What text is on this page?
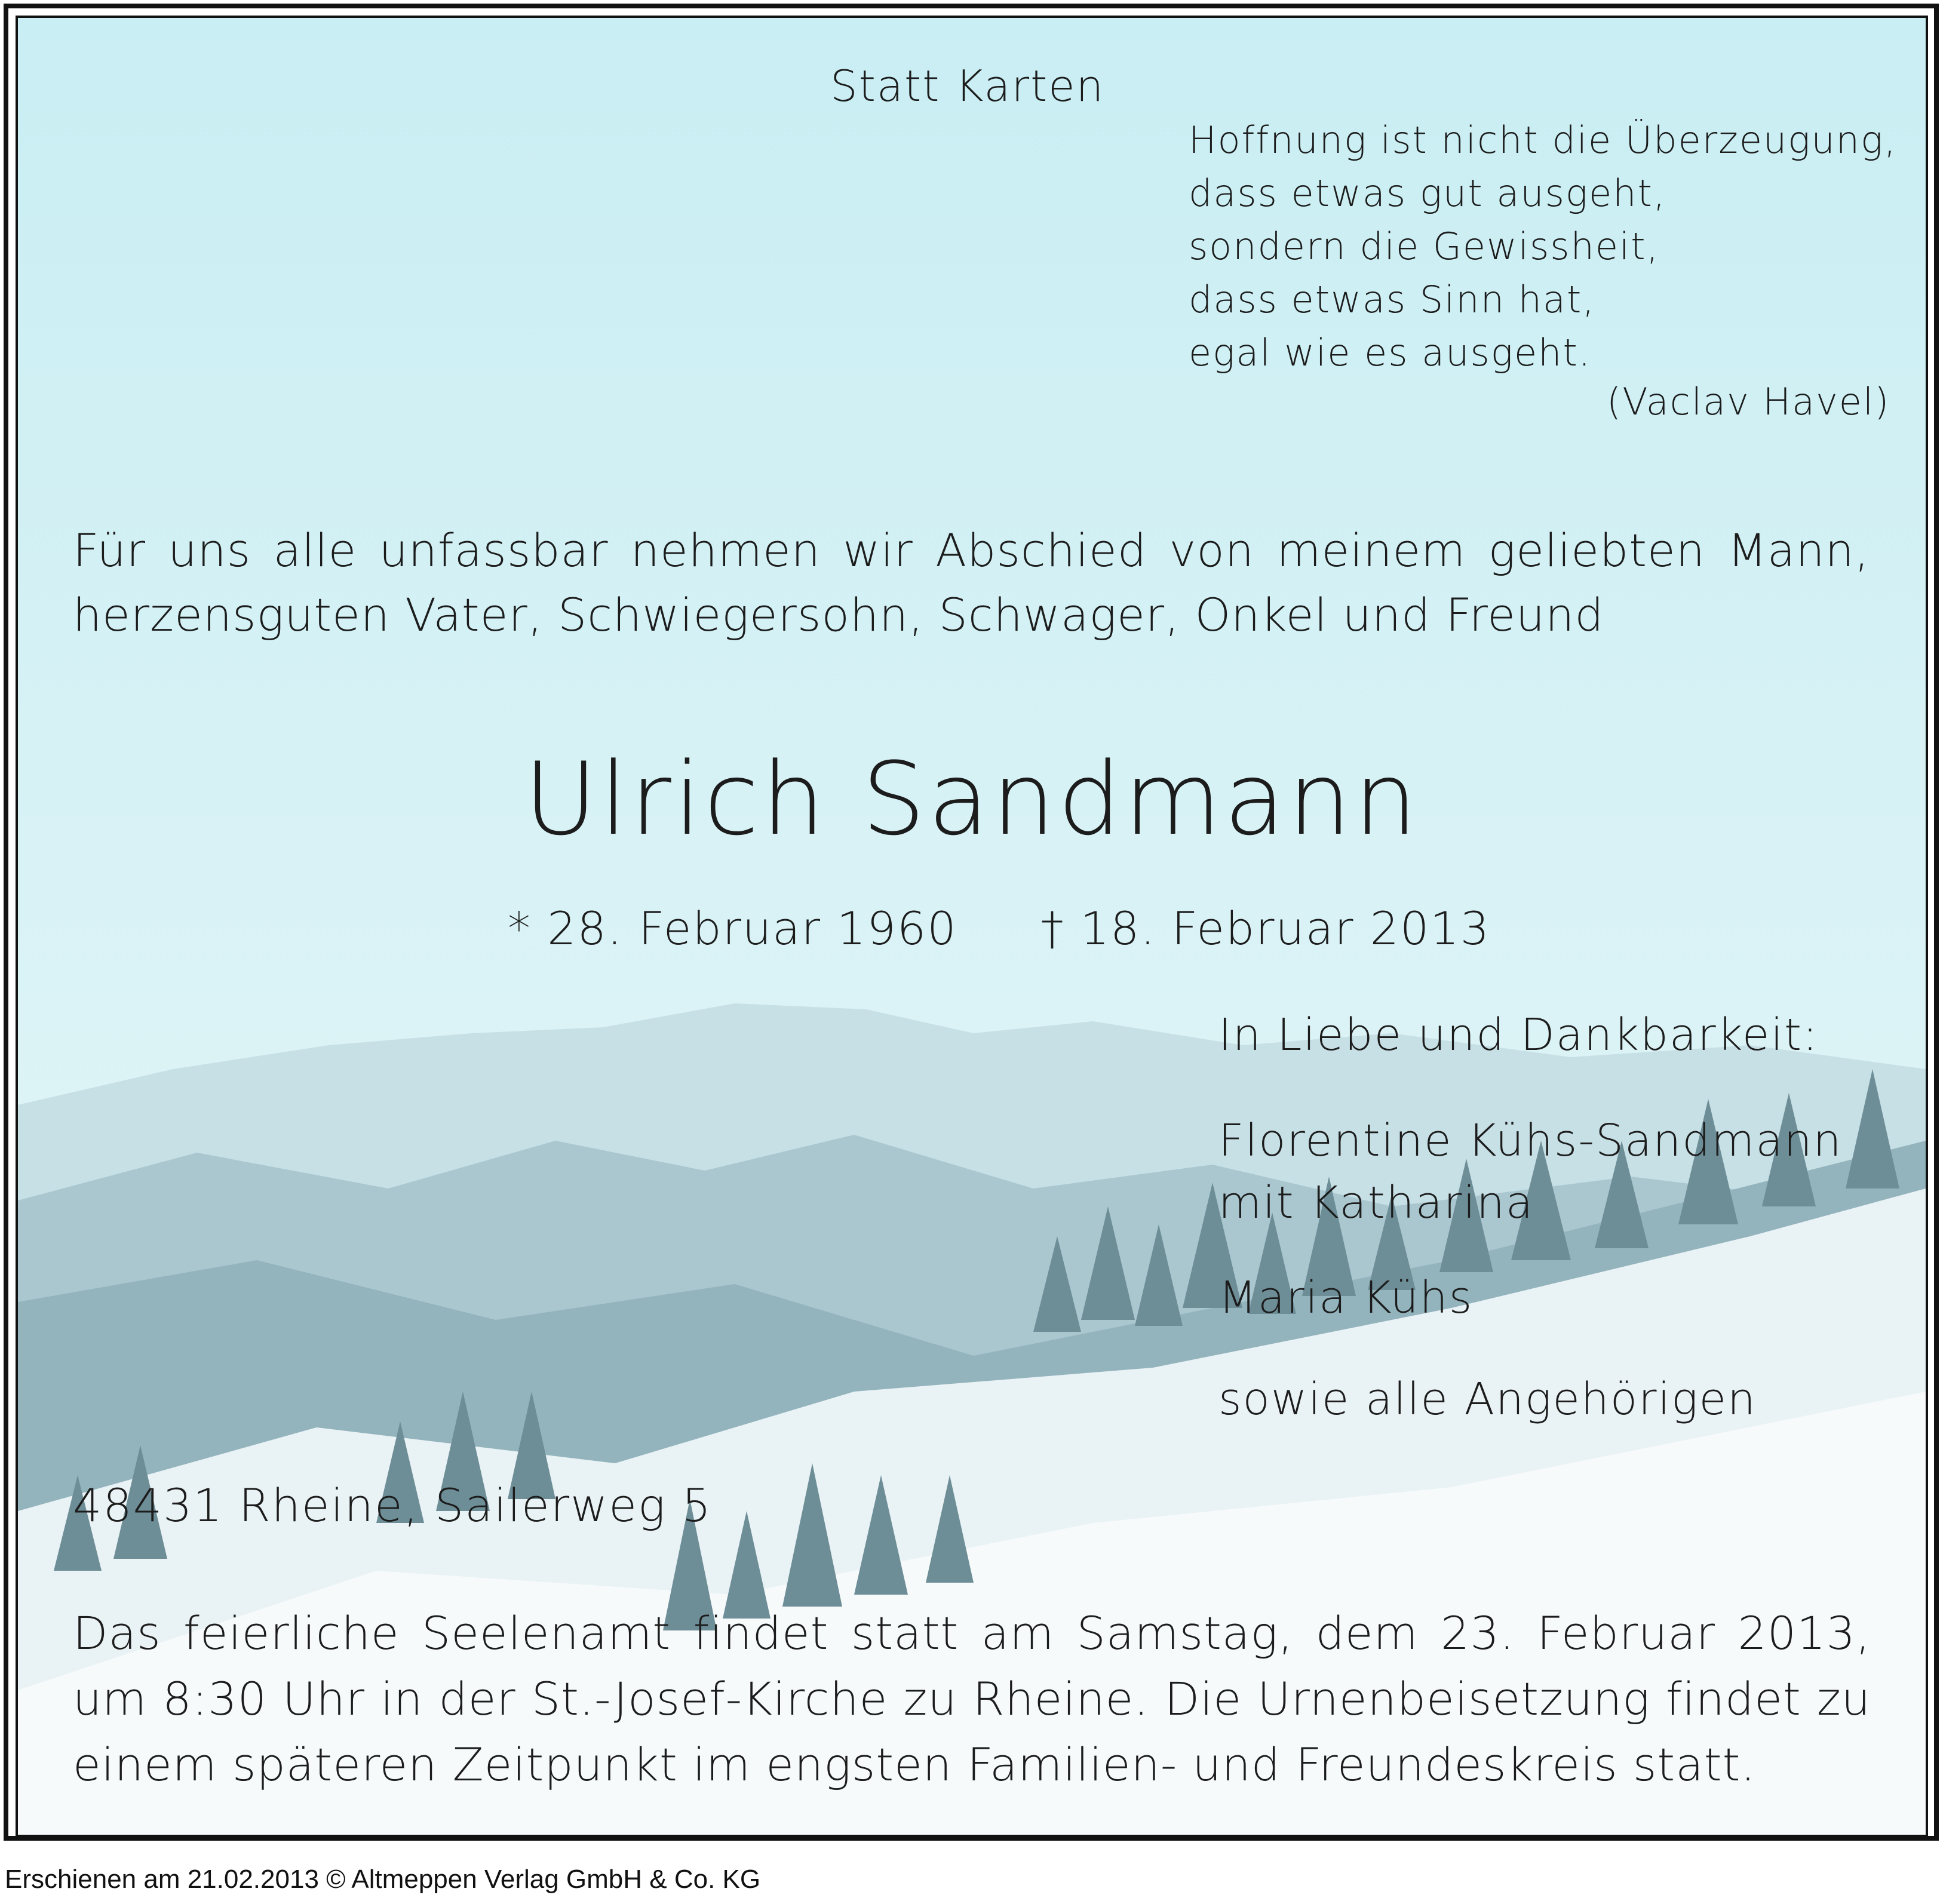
Statt Karten
Hoffnung ist nicht die Überzeugung,
dass etwas gut ausgeht,
sondern die Gewissheit,
dass etwas Sinn hat,
egal wie es ausgeht.
(Vaclav Havel)
Für uns alle unfassbar nehmen wir Abschied von meinem geliebten Mann, herzensguten Vater, Schwiegersohn, Schwager, Onkel und Freund
Ulrich Sandmann
* 28. Februar 1960 † 18. Februar 2013
In Liebe und Dankbarkeit:
Florentine Kühs-Sandmann
mit Katharina
Maria Kühs
sowie alle Angehörigen
48431 Rheine, Sailerweg 5
Das feierliche Seelenamt findet statt am Samstag, dem 23. Februar 2013, um 8:30 Uhr in der St.-Josef-Kirche zu Rheine. Die Urnenbeisetzung findet zu einem späteren Zeitpunkt im engsten Familien- und Freundeskreis statt.
Erschienen am 21.02.2013 © Altmeppen Verlag GmbH & Co. KG
